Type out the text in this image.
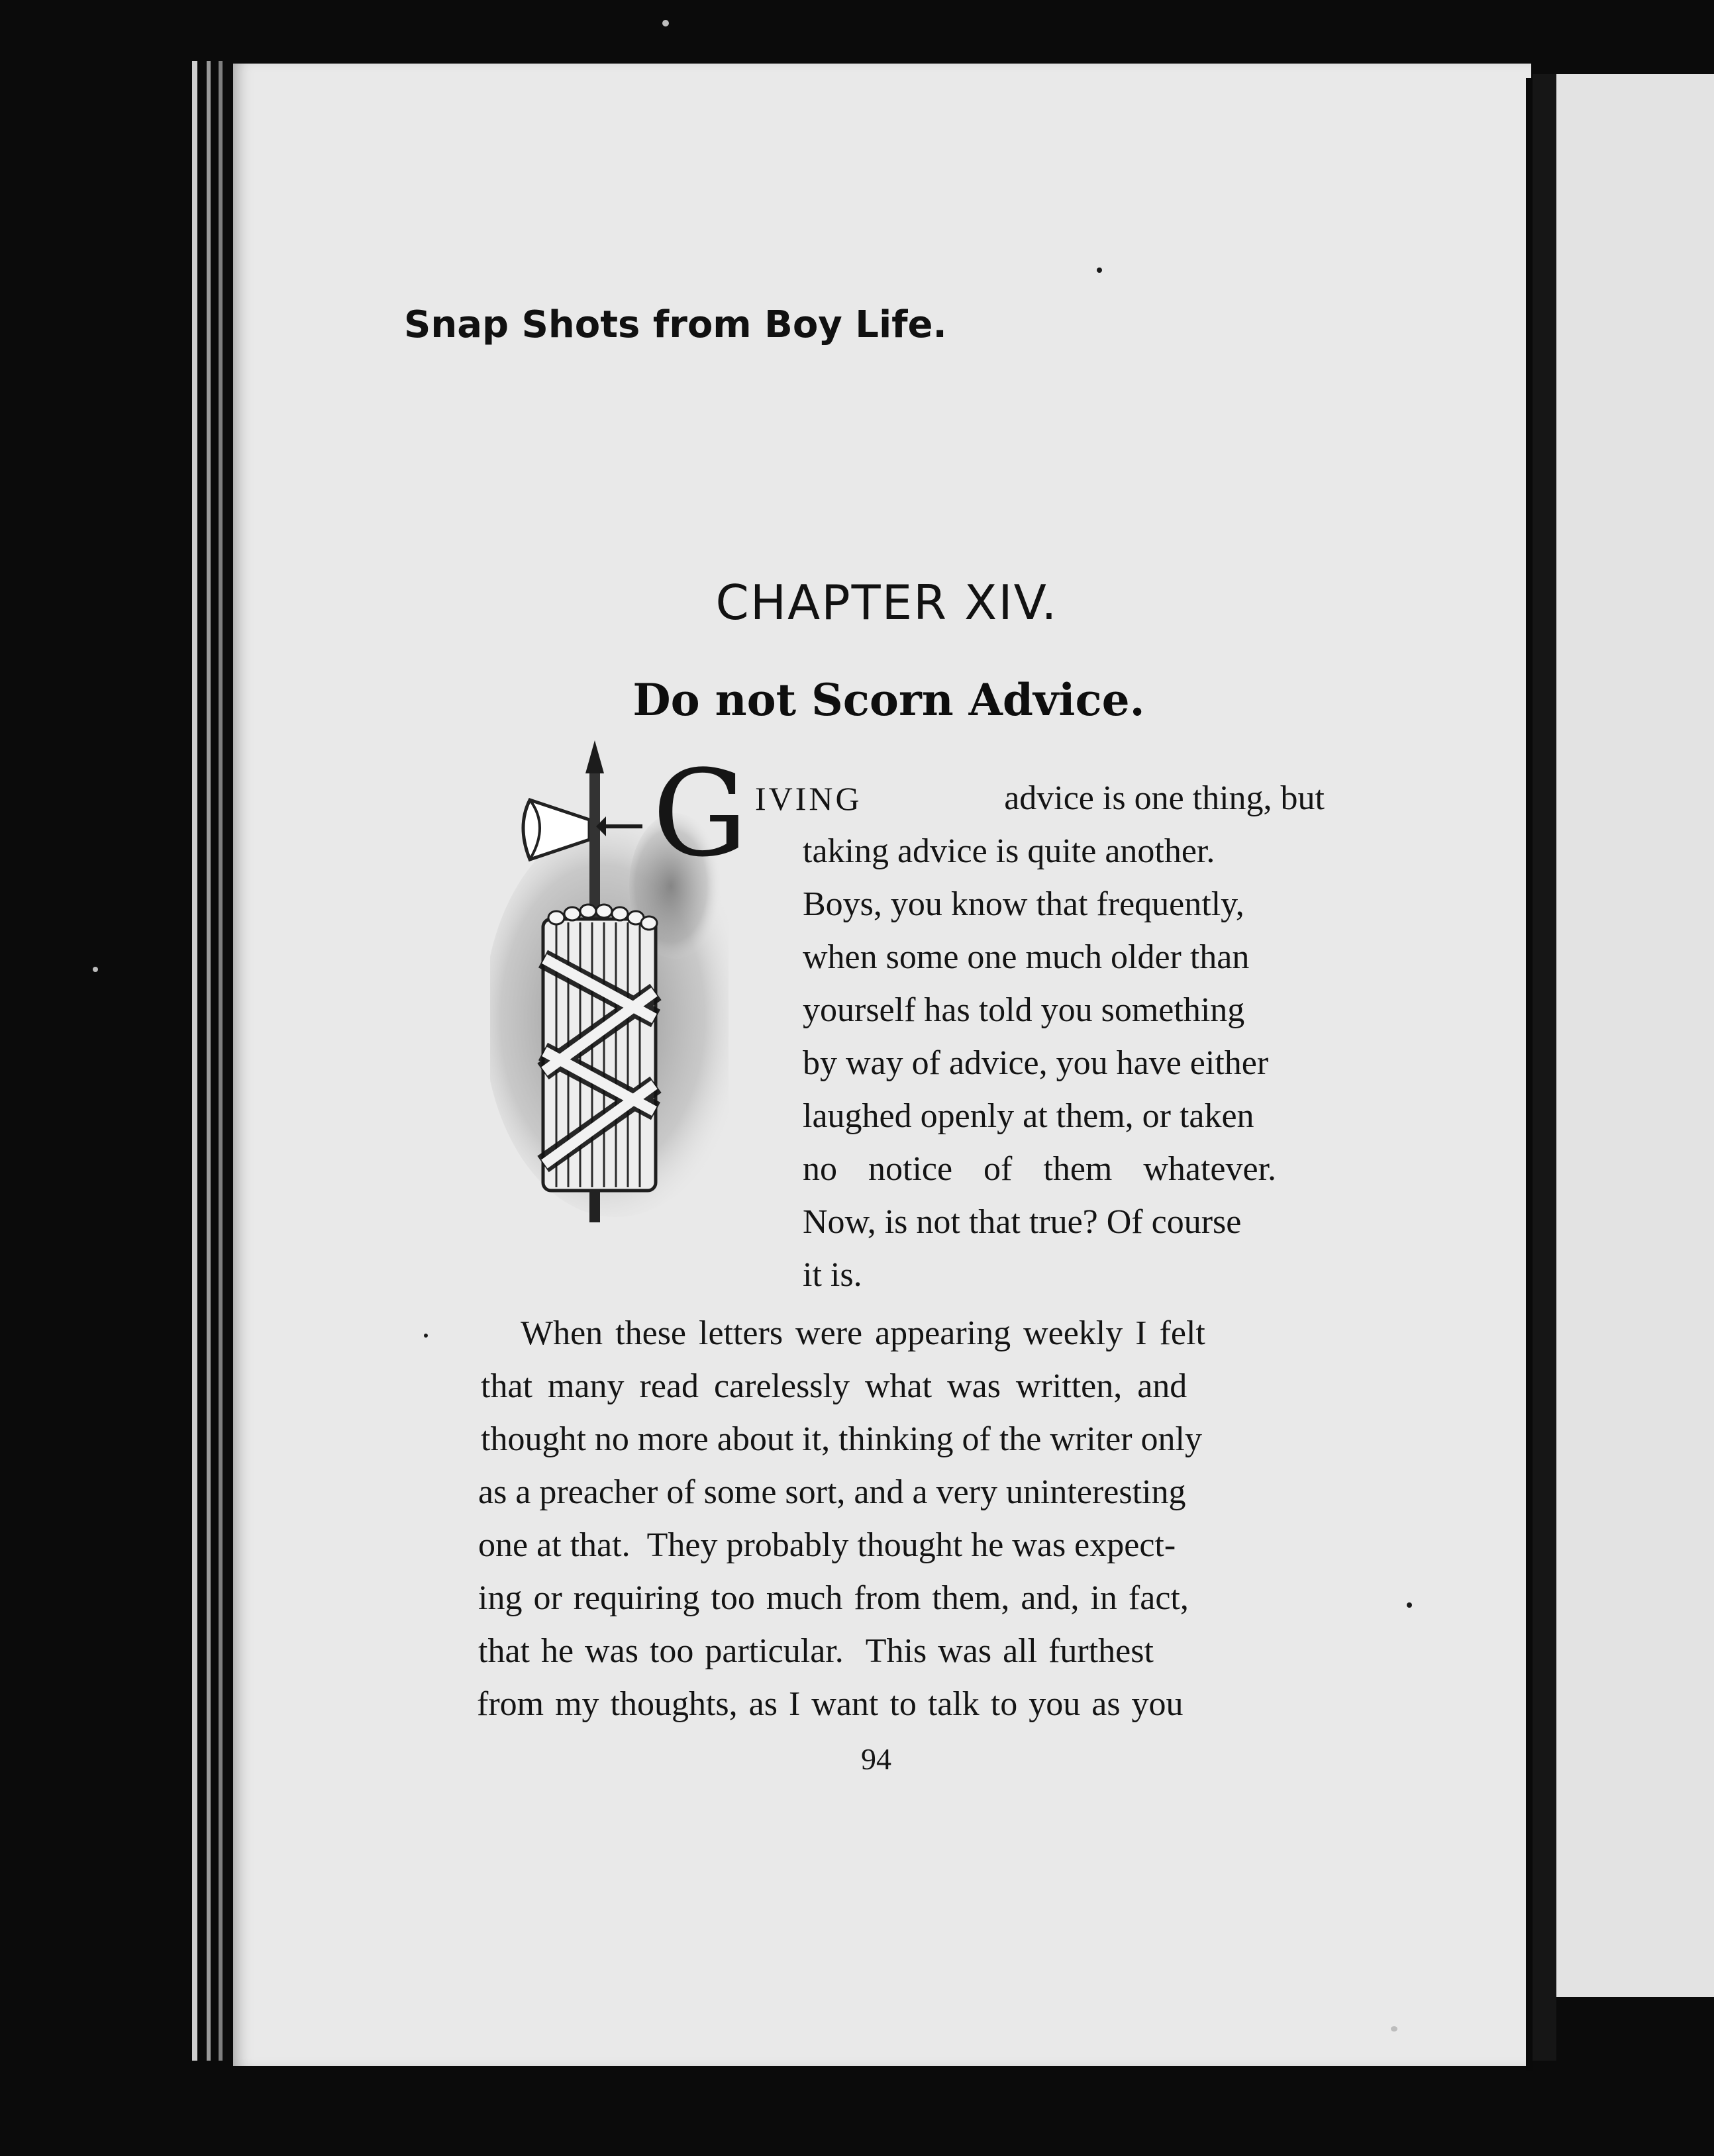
Snap Shots from Boy Life.
CHAPTER XIV.
Do not Scorn Advice.
G IVING	advice is one thing, but
taking advice is quite another.
Boys, you know that frequently,
when some one much older than
yourself has told you something
by way of advice, you have either
laughed openly at them, or taken
no notice of them whatever.
Now, is not that true? Of course
it is.
When these letters were appearing weekly I felt
that many read carelessly what was written, and
thought no more about it, thinking of the writer only
as a preacher of some sort, and a very uninteresting
one at that.  They probably thought he was expect-
ing or requiring too much from them, and, in fact,
that he was too particular.  This was all furthest
from my thoughts, as I want to talk to you as you
94
